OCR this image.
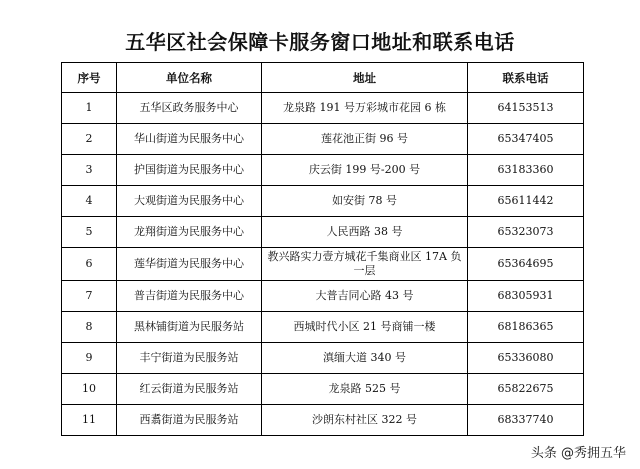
五华区社会保障卡服务窗口地址和联系电话
序号	单位名称	地址	联系电话
1	五华区政务服务中心	龙泉路 191 号万彩城市花园 6 栋	64153513
2	华山街道为民服务中心	莲花池正街 96 号	65347405
3	护国街道为民服务中心	庆云街 199 号-200 号	63183360
4	大观街道为民服务中心	如安街 78 号	65611442
5	龙翔街道为民服务中心	人民西路 38 号	65323073
6	莲华街道为民服务中心	教兴路实力壹方城花千集商业区 17A 负一层	65364695
7	普吉街道为民服务中心	大普吉同心路 43 号	68305931
8	黑林铺街道为民服务站	西城时代小区 21 号商铺一楼	68186365
9	丰宁街道为民服务站	滇缅大道 340 号	65336080
10	红云街道为民服务站	龙泉路 525 号	65822675
11	西翥街道为民服务站	沙朗东村社区 322 号	68337740
头条 @秀拥五华
